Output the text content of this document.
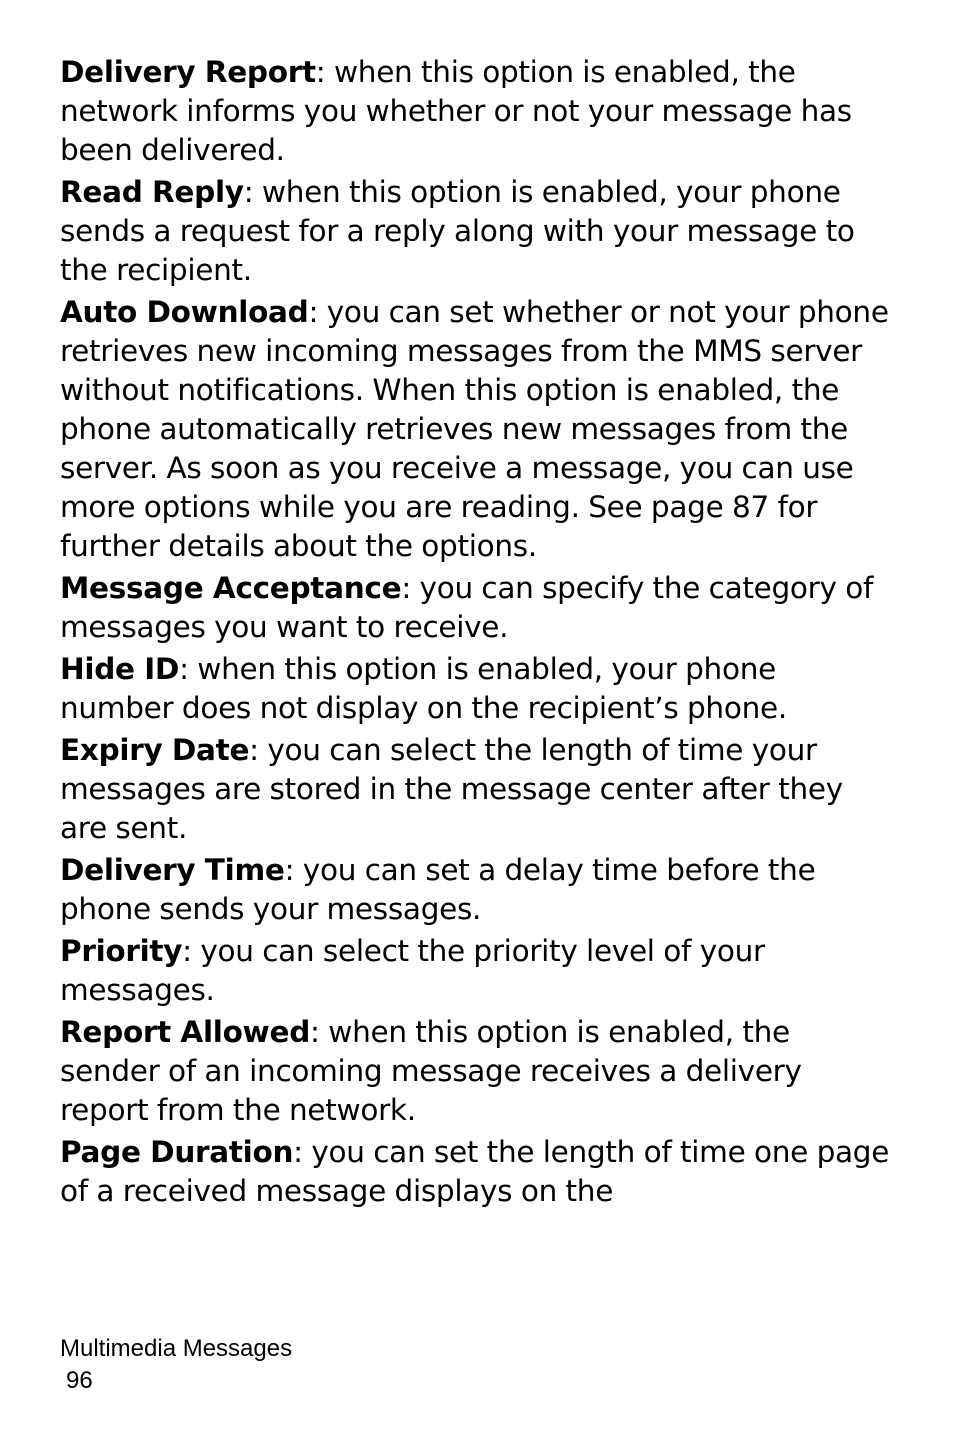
Delivery Report: when this option is enabled, the network informs you whether or not your message has been delivered.

Read Reply: when this option is enabled, your phone sends a request for a reply along with your message to the recipient.

Auto Download: you can set whether or not your phone retrieves new incoming messages from the MMS server without notifications. When this option is enabled, the phone automatically retrieves new messages from the server. As soon as you receive a message, you can use more options while you are reading. See page 87 for further details about the options.

Message Acceptance: you can specify the category of messages you want to receive.

Hide ID: when this option is enabled, your phone number does not display on the recipient’s phone.

Expiry Date: you can select the length of time your messages are stored in the message center after they are sent.

Delivery Time: you can set a delay time before the phone sends your messages.

Priority: you can select the priority level of your messages.

Report Allowed: when this option is enabled, the sender of an incoming message receives a delivery report from the network.

Page Duration: you can set the length of time one page of a received message displays on the

Multimedia Messages
96
